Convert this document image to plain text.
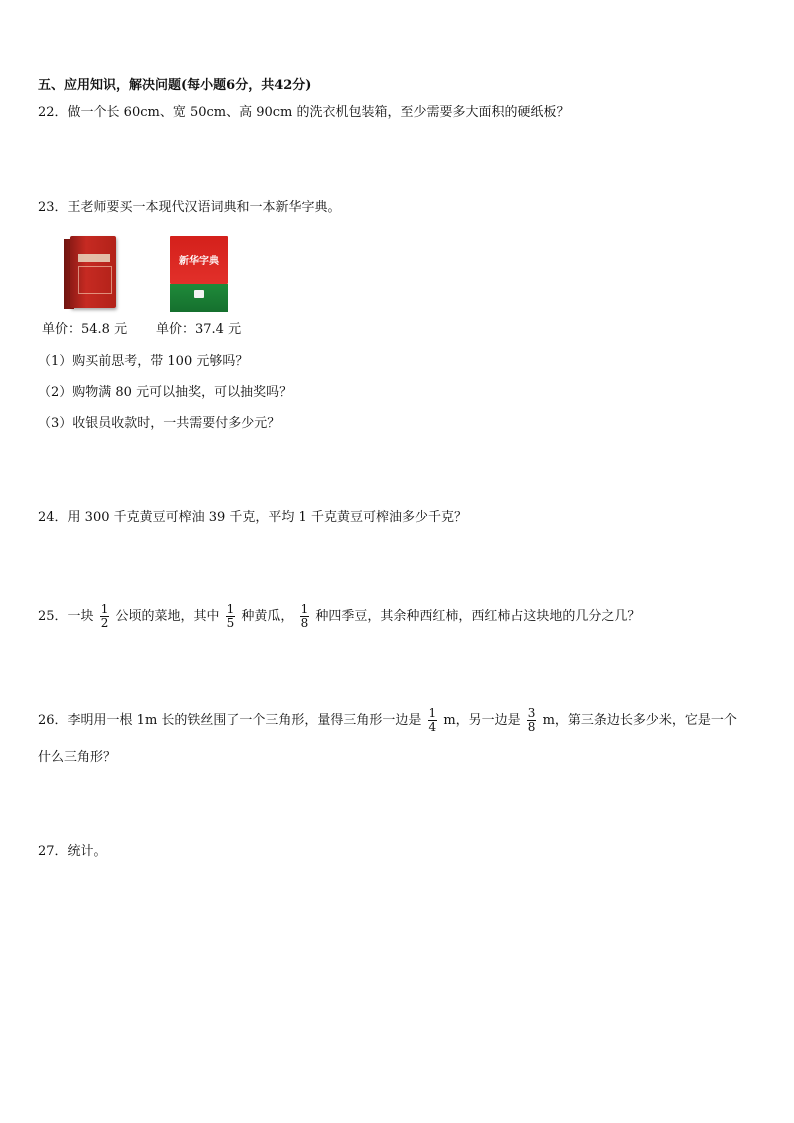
五、应用知识，解决问题(每小题6分，共42分)
22．做一个长 60cm、宽 50cm、高 90cm 的洗衣机包装箱，至少需要多大面积的硬纸板？
23．王老师要买一本现代汉语词典和一本新华字典。
新华字典
单价：54.8 元 单价：37.4 元
（1）购买前思考，带 100 元够吗？
（2）购物满 80 元可以抽奖，可以抽奖吗？
（3）收银员收款时，一共需要付多少元？
24．用 300 千克黄豆可榨油 39 千克，平均 1 千克黄豆可榨油多少千克？
25．一块 $\frac{1}{2}$ 公顷的菜地，其中 $\frac{1}{5}$ 种黄瓜， $\frac{1}{8}$ 种四季豆，其余种西红柿，西红柿占这块地的几分之几？
26．李明用一根 1m 长的铁丝围了一个三角形，量得三角形一边是 $\frac{1}{4}$ m，另一边是 $\frac{3}{8}$ m，第三条边长多少米，它是一个
什么三角形？
27．统计。
